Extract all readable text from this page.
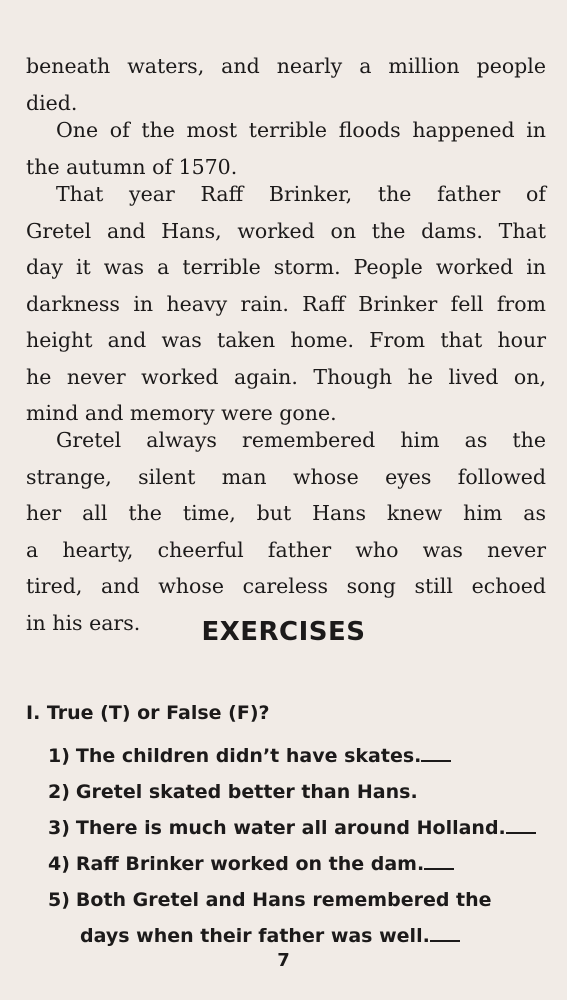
beneath waters, and nearly a million people
died.

One of the most terrible floods happened in
the autumn of 1570.

That year Raff Brinker, the father of
Gretel and Hans, worked on the dams. That
day it was a terrible storm. People worked in
darkness in heavy rain. Raff Brinker fell from
height and was taken home. From that hour
he never worked again. Though he lived on,
mind and memory were gone.

Gretel always remembered him as the
strange, silent man whose eyes followed
her all the time, but Hans knew him as
a hearty, cheerful father who was never
tired, and whose careless song still echoed
in his ears.	EXERCISES
I. True (T) or False (F)?
1) The children didn’t have skates.
2) Gretel skated better than Hans.
3) There is much water all around Holland.
4) Raff Brinker worked on the dam.
5) Both Gretel and Hans remembered the
days when their father was well.
7
